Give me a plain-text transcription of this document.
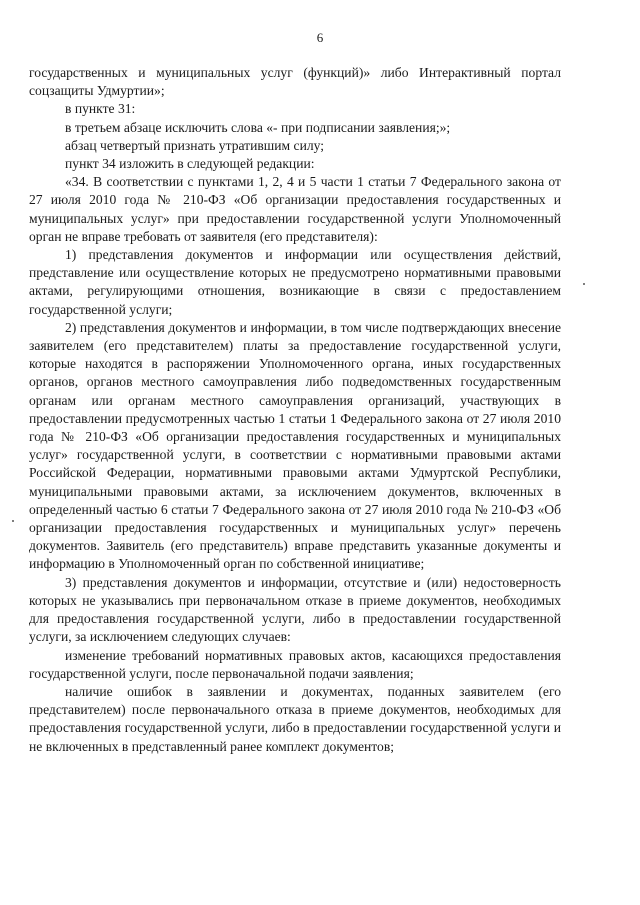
6

государственных и муниципальных услуг (функций)» либо Интерактивный портал соцзащиты Удмуртии»;

в пункте 31:

в третьем абзаце исключить слова «- при подписании заявления;»;

абзац четвертый признать утратившим силу;

пункт 34 изложить в следующей редакции:

«34. В соответствии с пунктами 1, 2, 4 и 5 части 1 статьи 7 Федерального закона от 27 июля 2010 года № 210-ФЗ «Об организации предоставления государственных и муниципальных услуг» при предоставлении государственной услуги Уполномоченный орган не вправе требовать от заявителя (его представителя):

1) представления документов и информации или осуществления действий, представление или осуществление которых не предусмотрено нормативными правовыми актами, регулирующими отношения, возникающие в связи с предоставлением государственной услуги;

2) представления документов и информации, в том числе подтверждающих внесение заявителем (его представителем) платы за предоставление государственной услуги, которые находятся в распоряжении Уполномоченного органа, иных государственных органов, органов местного самоуправления либо подведомственных государственным органам или органам местного самоуправления организаций, участвующих в предоставлении предусмотренных частью 1 статьи 1 Федерального закона от 27 июля 2010 года № 210-ФЗ «Об организации предоставления государственных и муниципальных услуг» государственной услуги, в соответствии с нормативными правовыми актами Российской Федерации, нормативными правовыми актами Удмуртской Республики, муниципальными правовыми актами, за исключением документов, включенных в определенный частью 6 статьи 7 Федерального закона от 27 июля 2010 года № 210-ФЗ «Об организации предоставления государственных и муниципальных услуг» перечень документов. Заявитель (его представитель) вправе представить указанные документы и информацию в Уполномоченный орган по собственной инициативе;

3) представления документов и информации, отсутствие и (или) недостоверность которых не указывались при первоначальном отказе в приеме документов, необходимых для предоставления государственной услуги, либо в предоставлении государственной услуги, за исключением следующих случаев:

изменение требований нормативных правовых актов, касающихся предоставления государственной услуги, после первоначальной подачи заявления;

наличие ошибок в заявлении и документах, поданных заявителем (его представителем) после первоначального отказа в приеме документов, необходимых для предоставления государственной услуги, либо в предоставлении государственной услуги и не включенных в представленный ранее комплект документов;
